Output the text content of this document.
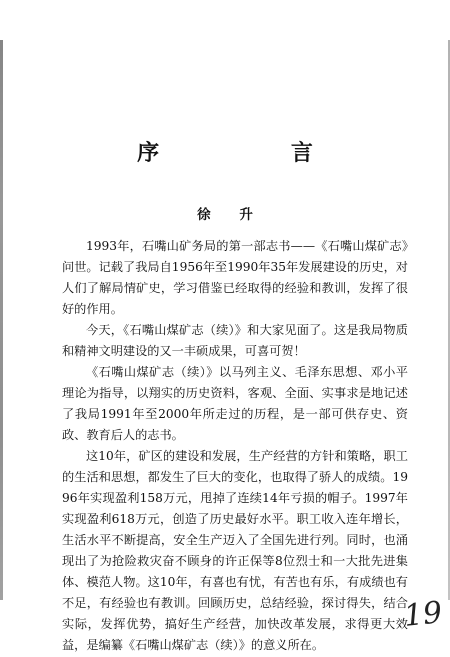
序 言
徐 升

1993年，石嘴山矿务局的第一部志书——《石嘴山煤矿志》问世。记载了我局自1956年至1990年35年发展建设的历史，对人们了解局情矿史，学习借鉴已经取得的经验和教训，发挥了很好的作用。

今天，《石嘴山煤矿志（续）》和大家见面了。这是我局物质和精神文明建设的又一丰硕成果，可喜可贺！

《石嘴山煤矿志（续）》以马列主义、毛泽东思想、邓小平理论为指导，以翔实的历史资料，客观、全面、实事求是地记述了我局1991年至2000年所走过的历程，是一部可供存史、资政、教育后人的志书。

这10年，矿区的建设和发展，生产经营的方针和策略，职工的生活和思想，都发生了巨大的变化，也取得了骄人的成绩。1996年实现盈利158万元，甩掉了连续14年亏损的帽子。1997年实现盈利618万元，创造了历史最好水平。职工收入连年增长，生活水平不断提高，安全生产迈入了全国先进行列。同时，也涌现出了为抢险救灾奋不顾身的许正保等8位烈士和一大批先进集体、模范人物。这10年，有喜也有忧，有苦也有乐，有成绩也有不足，有经验也有教训。回顾历史，总结经验，探讨得失，结合实际，发挥优势，搞好生产经营，加快改革发展，求得更大效益，是编纂《石嘴山煤矿志（续）》的意义所在。

19
